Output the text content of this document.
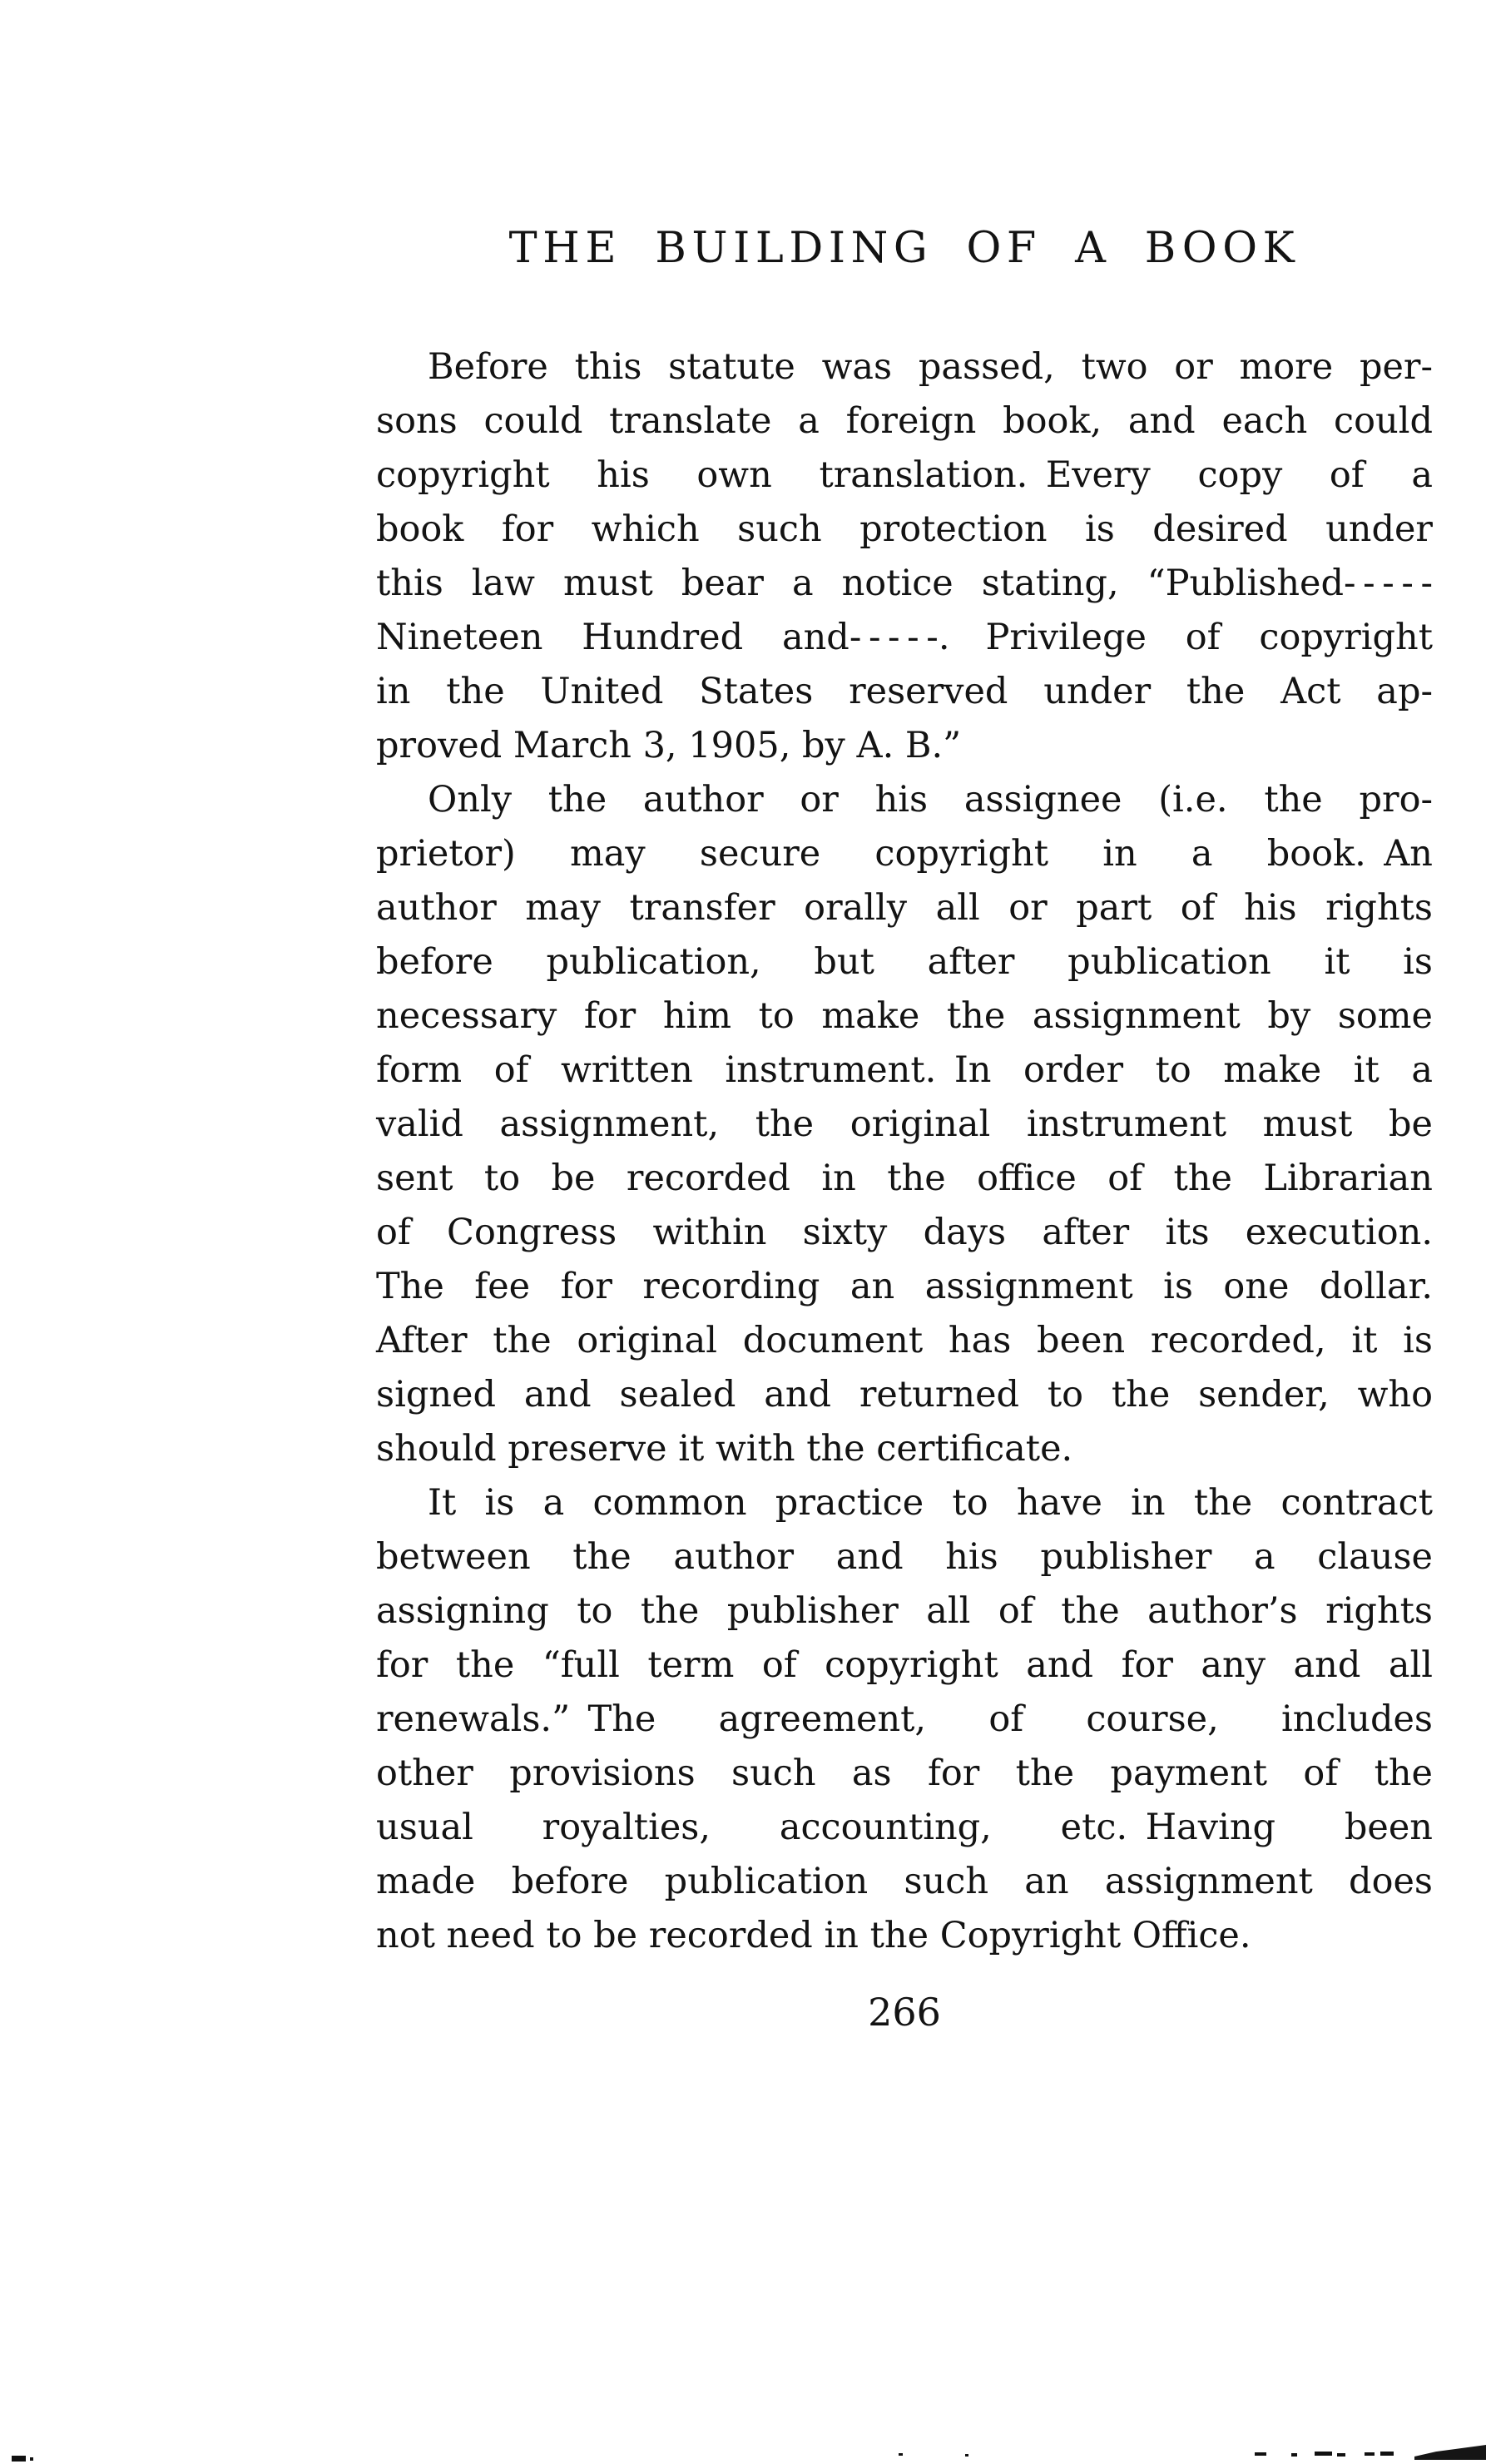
THE BUILDING OF A BOOK
Before this statute was passed, two or more per-
sons could translate a foreign book, and each could
copyright his own translation. Every copy of a
book for which such protection is desired under
this law must bear a notice stating, “Published- - - - -
Nineteen Hundred and- - - - -. Privilege of copyright
in the United States reserved under the Act ap-
proved March 3, 1905, by A. B.”
Only the author or his assignee (i.e. the pro-
prietor) may secure copyright in a book. An
author may transfer orally all or part of his rights
before publication, but after publication it is
necessary for him to make the assignment by some
form of written instrument. In order to make it a
valid assignment, the original instrument must be
sent to be recorded in the office of the Librarian
of Congress within sixty days after its execution.
The fee for recording an assignment is one dollar.
After the original document has been recorded, it is
signed and sealed and returned to the sender, who
should preserve it with the certificate.
It is a common practice to have in the contract
between the author and his publisher a clause
assigning to the publisher all of the author’s rights
for the “full term of copyright and for any and all
renewals.” The agreement, of course, includes
other provisions such as for the payment of the
usual royalties, accounting, etc. Having been
made before publication such an assignment does
not need to be recorded in the Copyright Office.
266
